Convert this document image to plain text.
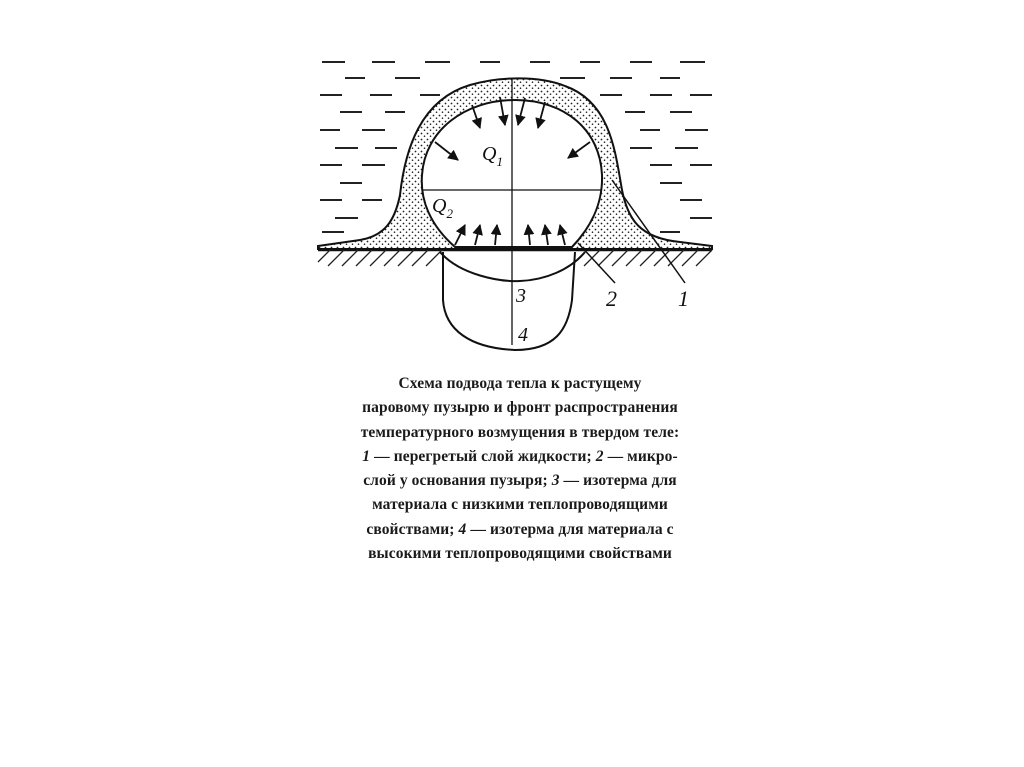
$Q_1$
$Q_2$
1
2
3
4
Схема подвода тепла к растущему
паровому пузырю и фронт распространения
температурного возмущения в твердом теле:
1 — перегретый слой жидкости; 2 — микро-
слой у основания пузыря; 3 — изотерма для
материала с низкими теплопроводящими
свойствами; 4 — изотерма для материала с
высокими теплопроводящими свойствами
